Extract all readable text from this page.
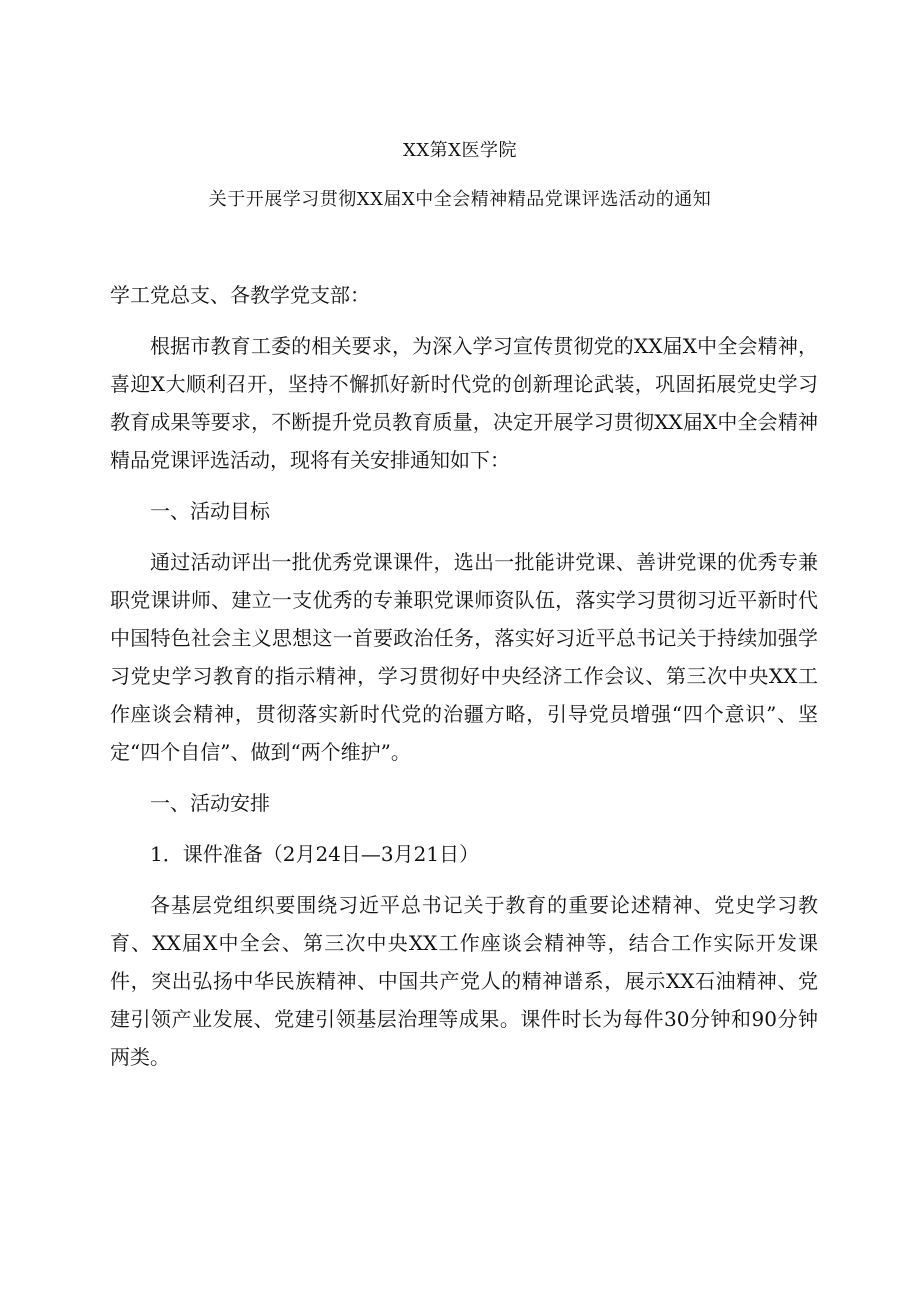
XX第X医学院
关于开展学习贯彻XX届X中全会精神精品党课评选活动的通知

学工党总支、各教学党支部：

根据市教育工委的相关要求，为深入学习宣传贯彻党的XX届X中全会精神，喜迎X大顺利召开，坚持不懈抓好新时代党的创新理论武装，巩固拓展党史学习教育成果等要求，不断提升党员教育质量，决定开展学习贯彻XX届X中全会精神精品党课评选活动，现将有关安排通知如下：

一、活动目标

通过活动评出一批优秀党课课件，选出一批能讲党课、善讲党课的优秀专兼职党课讲师、建立一支优秀的专兼职党课师资队伍，落实学习贯彻习近平新时代中国特色社会主义思想这一首要政治任务，落实好习近平总书记关于持续加强学习党史学习教育的指示精神，学习贯彻好中央经济工作会议、第三次中央XX工作座谈会精神，贯彻落实新时代党的治疆方略，引导党员增强“四个意识”、坚定“四个自信”、做到“两个维护”。

一、活动安排

1．课件准备（2月24日—3月21日）

各基层党组织要围绕习近平总书记关于教育的重要论述精神、党史学习教育、XX届X中全会、第三次中央XX工作座谈会精神等，结合工作实际开发课件，突出弘扬中华民族精神、中国共产党人的精神谱系，展示XX石油精神、党建引领产业发展、党建引领基层治理等成果。课件时长为每件30分钟和90分钟两类。
